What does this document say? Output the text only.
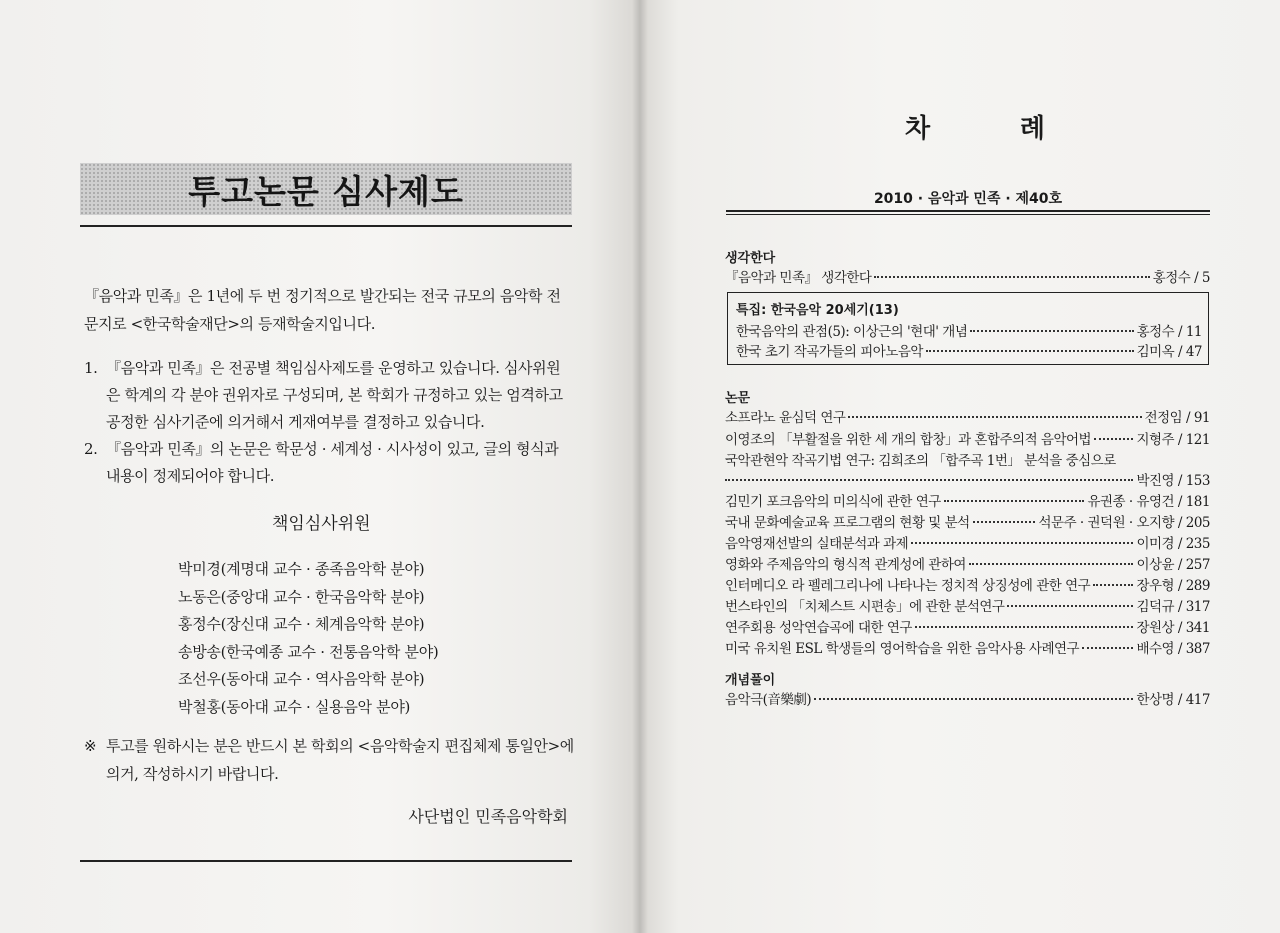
투고논문 심사제도
『음악과 민족』은 1년에 두 번 정기적으로 발간되는 전국 규모의 음악학 전문지로 <한국학술재단>의 등재학술지입니다.
1. 『음악과 민족』은 전공별 책임심사제도를 운영하고 있습니다. 심사위원은 학계의 각 분야 권위자로 구성되며, 본 학회가 규정하고 있는 엄격하고 공정한 심사기준에 의거해서 게재여부를 결정하고 있습니다.
2. 『음악과 민족』의 논문은 학문성 · 세계성 · 시사성이 있고, 글의 형식과 내용이 정제되어야 합니다.
책임심사위원
박미경(계명대 교수 · 종족음악학 분야)
노동은(중앙대 교수 · 한국음악학 분야)
홍정수(장신대 교수 · 체계음악학 분야)
송방송(한국예종 교수 · 전통음악학 분야)
조선우(동아대 교수 · 역사음악학 분야)
박철홍(동아대 교수 · 실용음악 분야)
※ 투고를 원하시는 분은 반드시 본 학회의 <음악학술지 편집체제 통일안>에 의거, 작성하시기 바랍니다.
사단법인 민족음악학회
차	례
2010 · 음악과 민족 · 제40호
생각한다
『음악과 민족』 생각한다	홍정수 / 5
특집: 한국음악 20세기(13)
한국음악의 관점(5): 이상근의 '현대' 개념	홍정수 / 11
한국 초기 작곡가들의 피아노음악	김미옥 / 47
논문
소프라노 윤심덕 연구	전정임 / 91
이영조의 「부활절을 위한 세 개의 합창」과 혼합주의적 음악어법	지형주 / 121
국악관현악 작곡기법 연구: 김희조의 「합주곡 1번」 분석을 중심으로
박진영 / 153
김민기 포크음악의 미의식에 관한 연구	유권종 · 유영건 / 181
국내 문화예술교육 프로그램의 현황 및 분석	석문주 · 권덕원 · 오지향 / 205
음악영재선발의 실태분석과 과제	이미경 / 235
영화와 주제음악의 형식적 관계성에 관하여	이상윤 / 257
인터메디오 라 펠레그리나에 나타나는 정치적 상징성에 관한 연구	장우형 / 289
번스타인의 「치체스트 시편송」에 관한 분석연구	김덕규 / 317
연주회용 성악연습곡에 대한 연구	장원상 / 341
미국 유치원 ESL 학생들의 영어학습을 위한 음악사용 사례연구	배수영 / 387
개념풀이
음악극(音樂劇)	한상명 / 417
